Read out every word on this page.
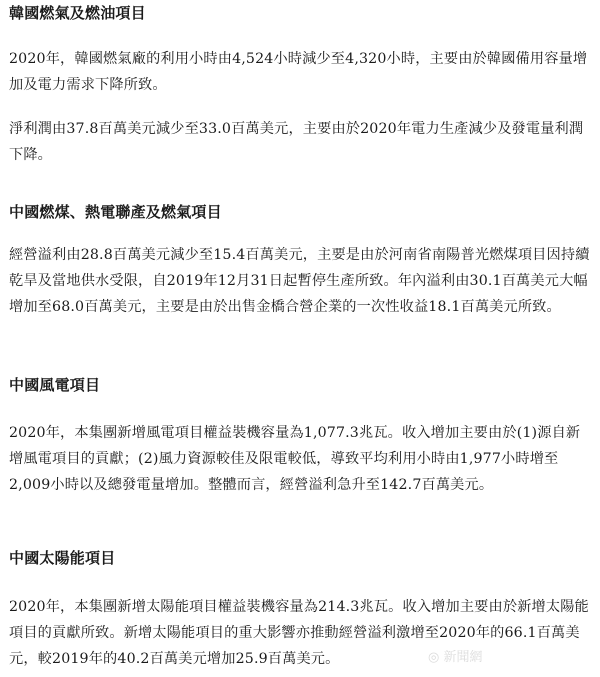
韓國燃氣及燃油項目

2020年，韓國燃氣廠的利用小時由4,524小時減少至4,320小時，主要由於韓國備用容量增加及電力需求下降所致。

淨利潤由37.8百萬美元減少至33.0百萬美元，主要由於2020年電力生產減少及發電量利潤下降。

中國燃煤、熱電聯產及燃氣項目

經營溢利由28.8百萬美元減少至15.4百萬美元，主要是由於河南省南陽普光燃煤項目因持續乾旱及當地供水受限，自2019年12月31日起暫停生產所致。年內溢利由30.1百萬美元大幅增加至68.0百萬美元，主要是由於出售金橋合營企業的一次性收益18.1百萬美元所致。

中國風電項目

2020年，本集團新增風電項目權益裝機容量為1,077.3兆瓦。收入增加主要由於(1)源自新增風電項目的貢獻；(2)風力資源較佳及限電較低，導致平均利用小時由1,977小時增至2,009小時以及總發電量增加。整體而言，經營溢利急升至142.7百萬美元。

中國太陽能項目

2020年，本集團新增太陽能項目權益裝機容量為214.3兆瓦。收入增加主要由於新增太陽能項目的貢獻所致。新增太陽能項目的重大影響亦推動經營溢利激增至2020年的66.1百萬美元，較2019年的40.2百萬美元增加25.9百萬美元。	◎ 新聞網
